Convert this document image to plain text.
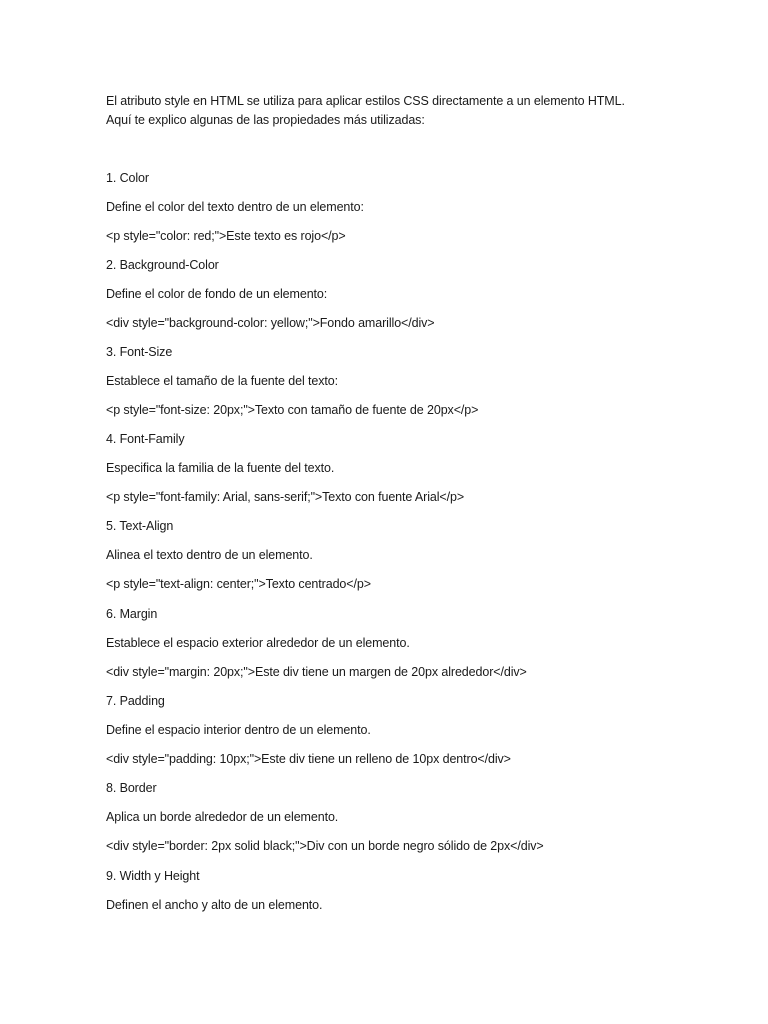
El atributo style en HTML se utiliza para aplicar estilos CSS directamente a un elemento HTML.
Aquí te explico algunas de las propiedades más utilizadas:
1. Color
Define el color del texto dentro de un elemento:
<p style="color: red;">Este texto es rojo</p>
2. Background-Color
Define el color de fondo de un elemento:
<div style="background-color: yellow;">Fondo amarillo</div>
3. Font-Size
Establece el tamaño de la fuente del texto:
<p style="font-size: 20px;">Texto con tamaño de fuente de 20px</p>
4. Font-Family
Especifica la familia de la fuente del texto.
<p style="font-family: Arial, sans-serif;">Texto con fuente Arial</p>
5. Text-Align
Alinea el texto dentro de un elemento.
<p style="text-align: center;">Texto centrado</p>
6. Margin
Establece el espacio exterior alrededor de un elemento.
<div style="margin: 20px;">Este div tiene un margen de 20px alrededor</div>
7. Padding
Define el espacio interior dentro de un elemento.
<div style="padding: 10px;">Este div tiene un relleno de 10px dentro</div>
8. Border
Aplica un borde alrededor de un elemento.
<div style="border: 2px solid black;">Div con un borde negro sólido de 2px</div>
9. Width y Height
Definen el ancho y alto de un elemento.
